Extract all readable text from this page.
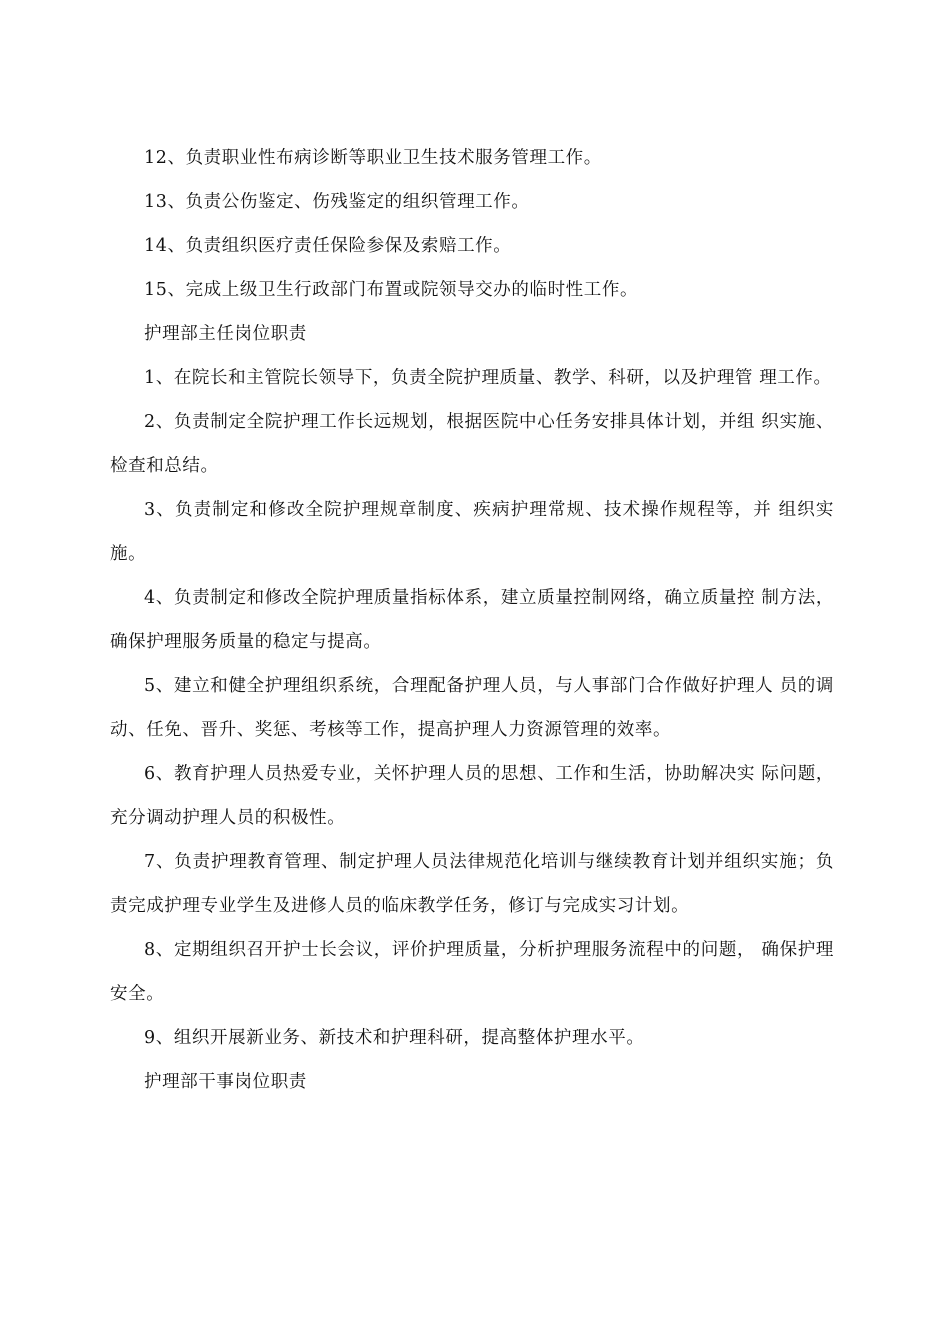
12、负责职业性布病诊断等职业卫生技术服务管理工作。

13、负责公伤鉴定、伤残鉴定的组织管理工作。

14、负责组织医疗责任保险参保及索赔工作。

15、完成上级卫生行政部门布置或院领导交办的临时性工作。

护理部主任岗位职责

1、在院长和主管院长领导下，负责全院护理质量、教学、科研，以及护理管 理工作。
2、负责制定全院护理工作长远规划，根据医院中心任务安排具体计划，并组 织实施、检查和总结。
3、负责制定和修改全院护理规章制度、疾病护理常规、技术操作规程等，并 组织实施。
4、负责制定和修改全院护理质量指标体系，建立质量控制网络，确立质量控 制方法，确保护理服务质量的稳定与提高。
5、建立和健全护理组织系统，合理配备护理人员，与人事部门合作做好护理人 员的调动、任免、晋升、奖惩、考核等工作，提高护理人力资源管理的效率。
6、教育护理人员热爱专业，关怀护理人员的思想、工作和生活，协助解决实 际问题，充分调动护理人员的积极性。
7、负责护理教育管理、制定护理人员法律规范化培训与继续教育计划并组织实施；负责完成护理专业学生及进修人员的临床教学任务，修订与完成实习计划。
8、定期组织召开护士长会议，评价护理质量，分析护理服务流程中的问题， 确保护理安全。
9、组织开展新业务、新技术和护理科研，提高整体护理水平。

护理部干事岗位职责
